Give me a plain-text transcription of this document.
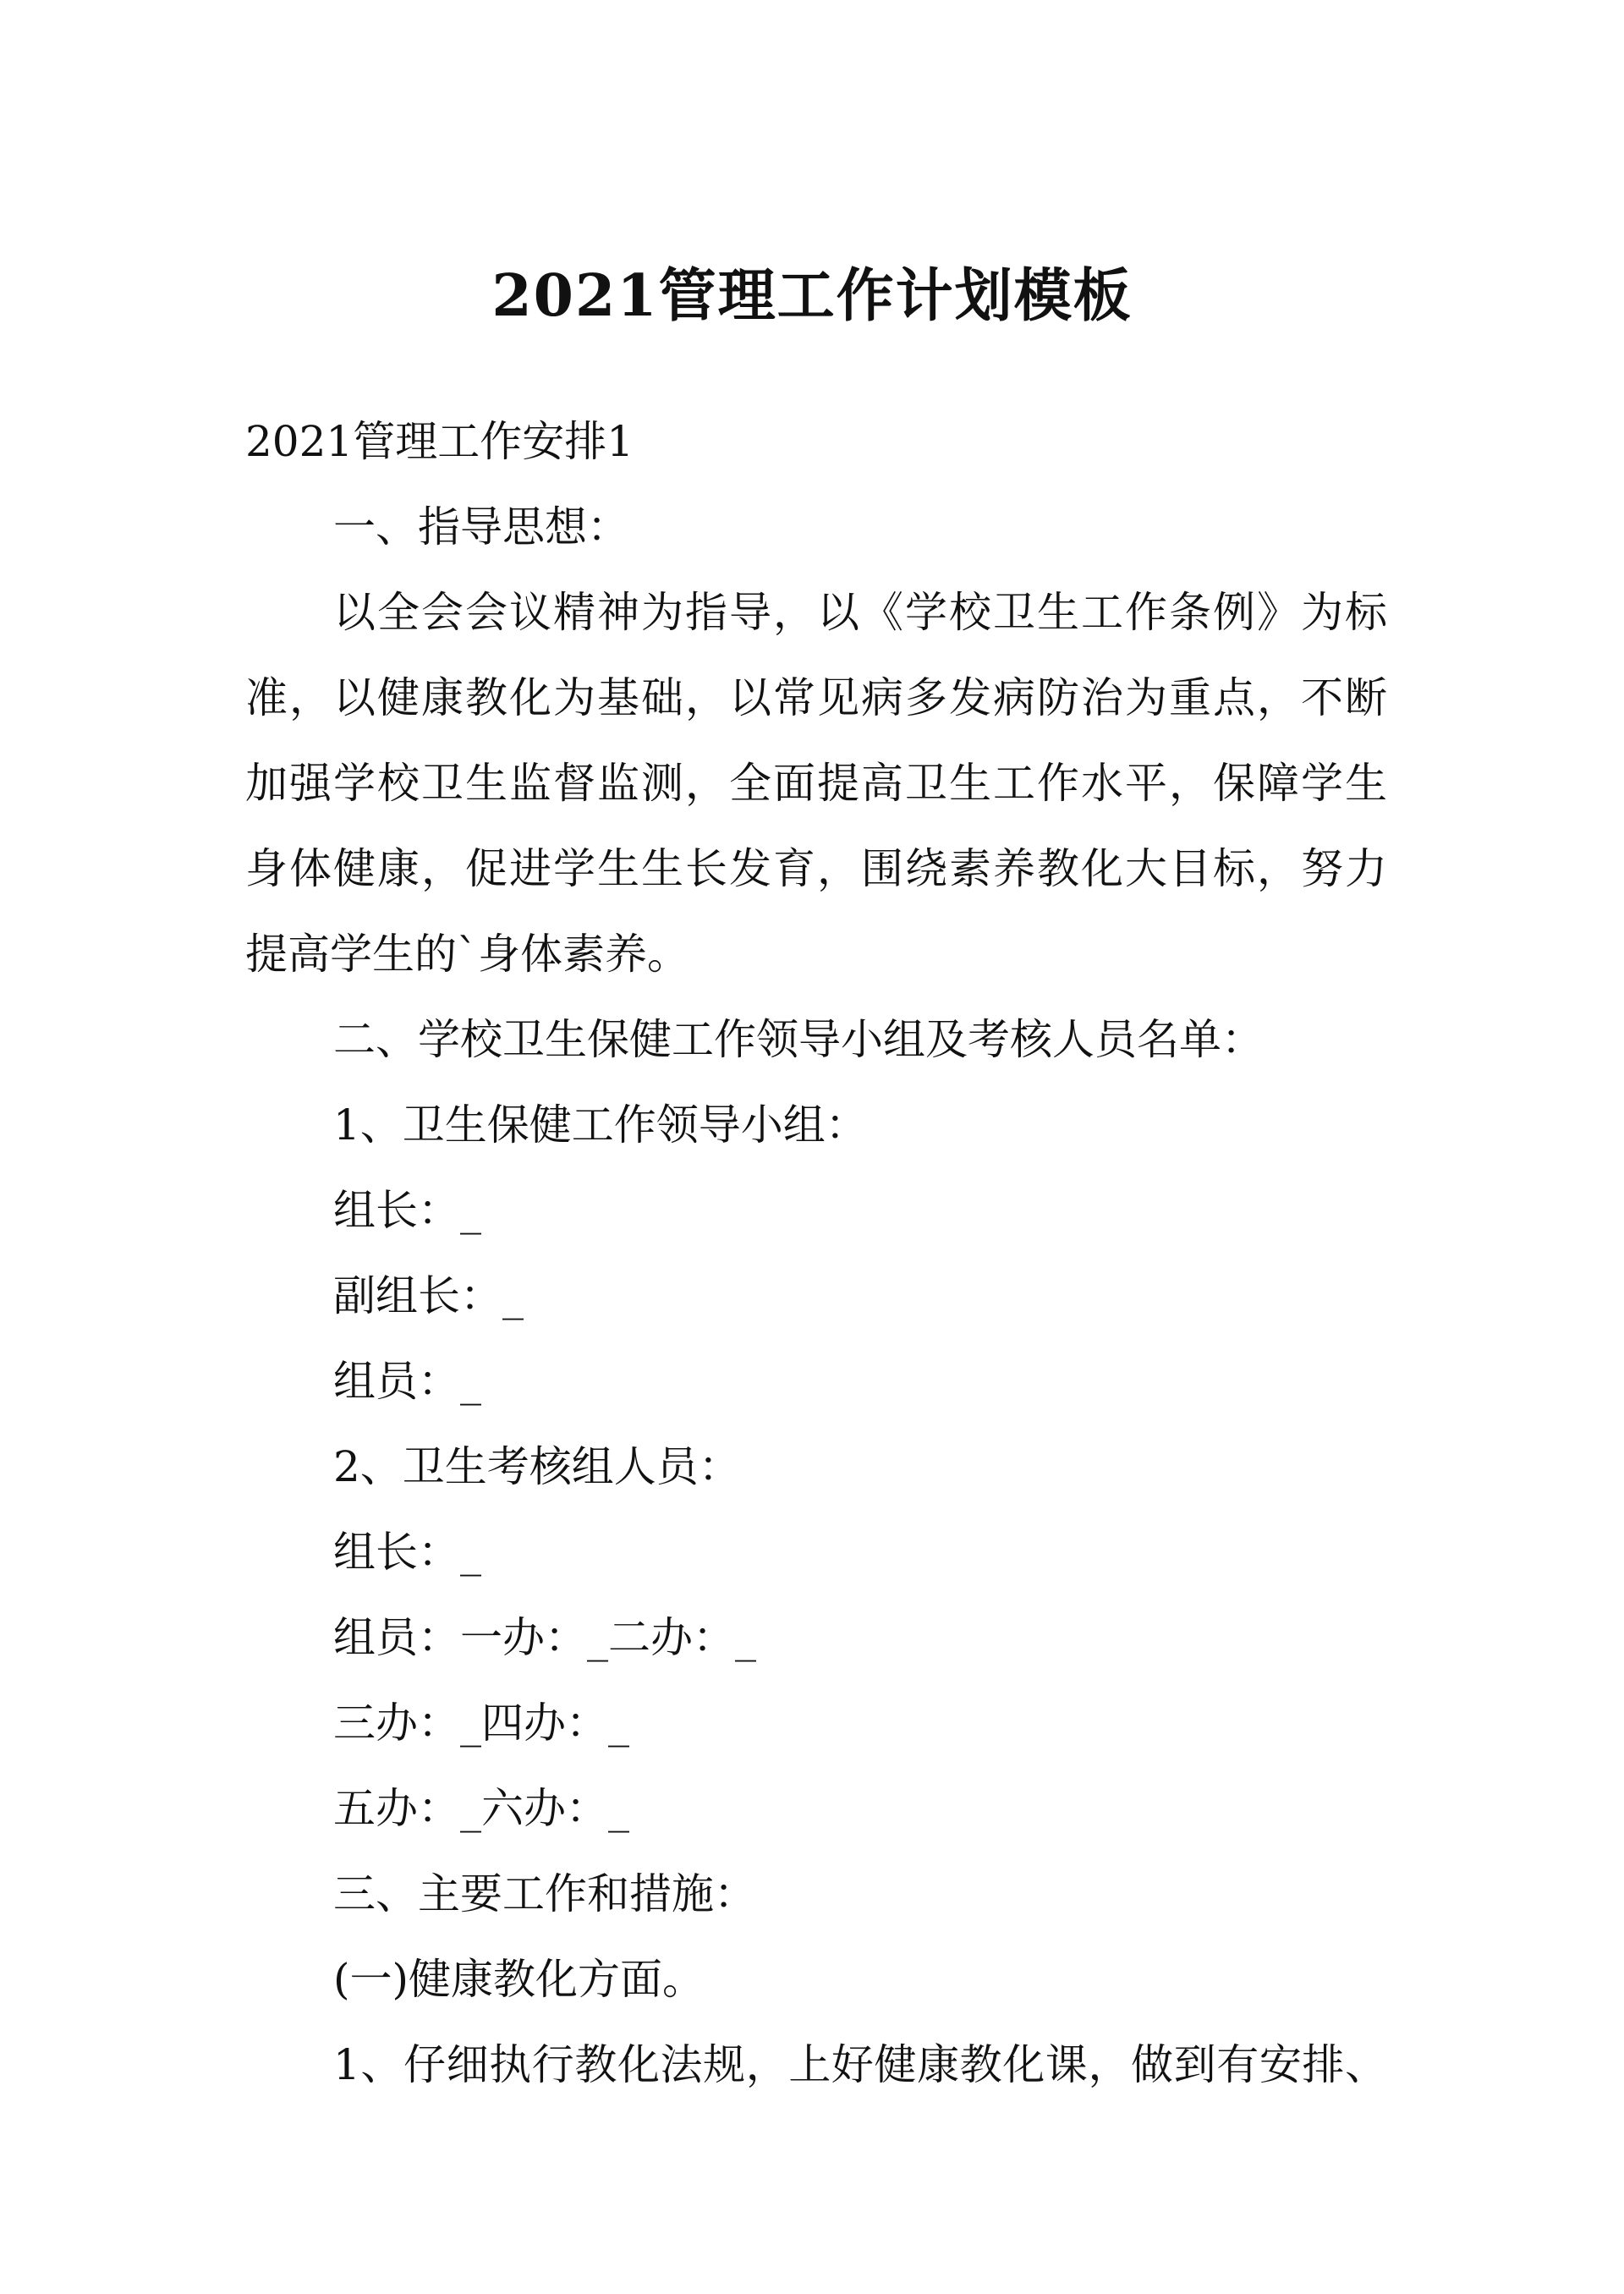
2021管理工作计划模板
2021管理工作安排1
一、指导思想：
以全会会议精神为指导，以《学校卫生工作条例》为标
准，以健康教化为基础，以常见病多发病防治为重点，不断
加强学校卫生监督监测，全面提高卫生工作水平，保障学生
身体健康，促进学生生长发育，围绕素养教化大目标，努力
提高学生的`身体素养。
二、学校卫生保健工作领导小组及考核人员名单：
1、卫生保健工作领导小组：
组长：_
副组长：_
组员：_
2、卫生考核组人员：
组长：_
组员：一办：_二办：_
三办：_四办：_
五办：_六办：_
三、主要工作和措施：
(一)健康教化方面。
1、仔细执行教化法规，上好健康教化课，做到有安排、
